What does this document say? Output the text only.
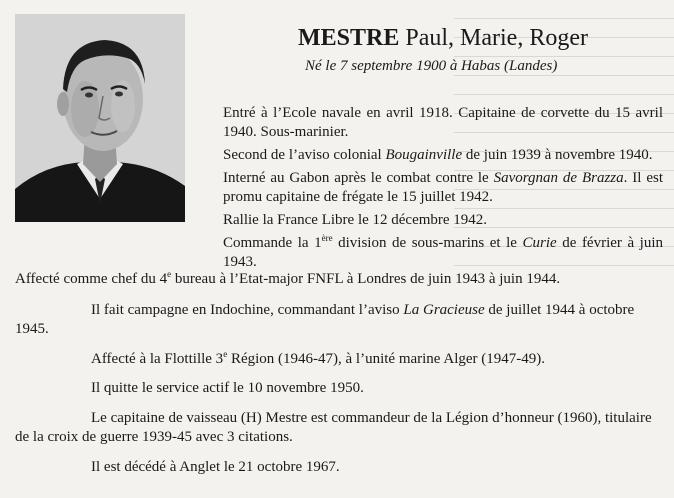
MESTRE Paul, Marie, Roger
Né le 7 septembre 1900 à Habas (Landes)

Entré à l’Ecole navale en avril 1918. Capitaine de corvette du 15 avril 1940. Sous-marinier.

Second de l’aviso colonial Bougainville de juin 1939 à novembre 1940.

Interné au Gabon après le combat contre le Savorgnan de Brazza. Il est promu capitaine de frégate le 15 juillet 1942.

Rallie la France Libre le 12 décembre 1942.

Commande la 1ère division de sous-marins et le Curie de février à juin 1943.

Affecté comme chef du 4e bureau à l’Etat-major FNFL à Londres de juin 1943 à juin 1944.
Il fait campagne en Indochine, commandant l’aviso La Gracieuse de juillet 1944 à octobre 1945.
Affecté à la Flottille 3e Région (1946-47), à l’unité marine Alger (1947-49).
Il quitte le service actif le 10 novembre 1950.
Le capitaine de vaisseau (H) Mestre est commandeur de la Légion d’honneur (1960), titulaire de la croix de guerre 1939-45 avec 3 citations.
Il est décédé à Anglet le 21 octobre 1967.
